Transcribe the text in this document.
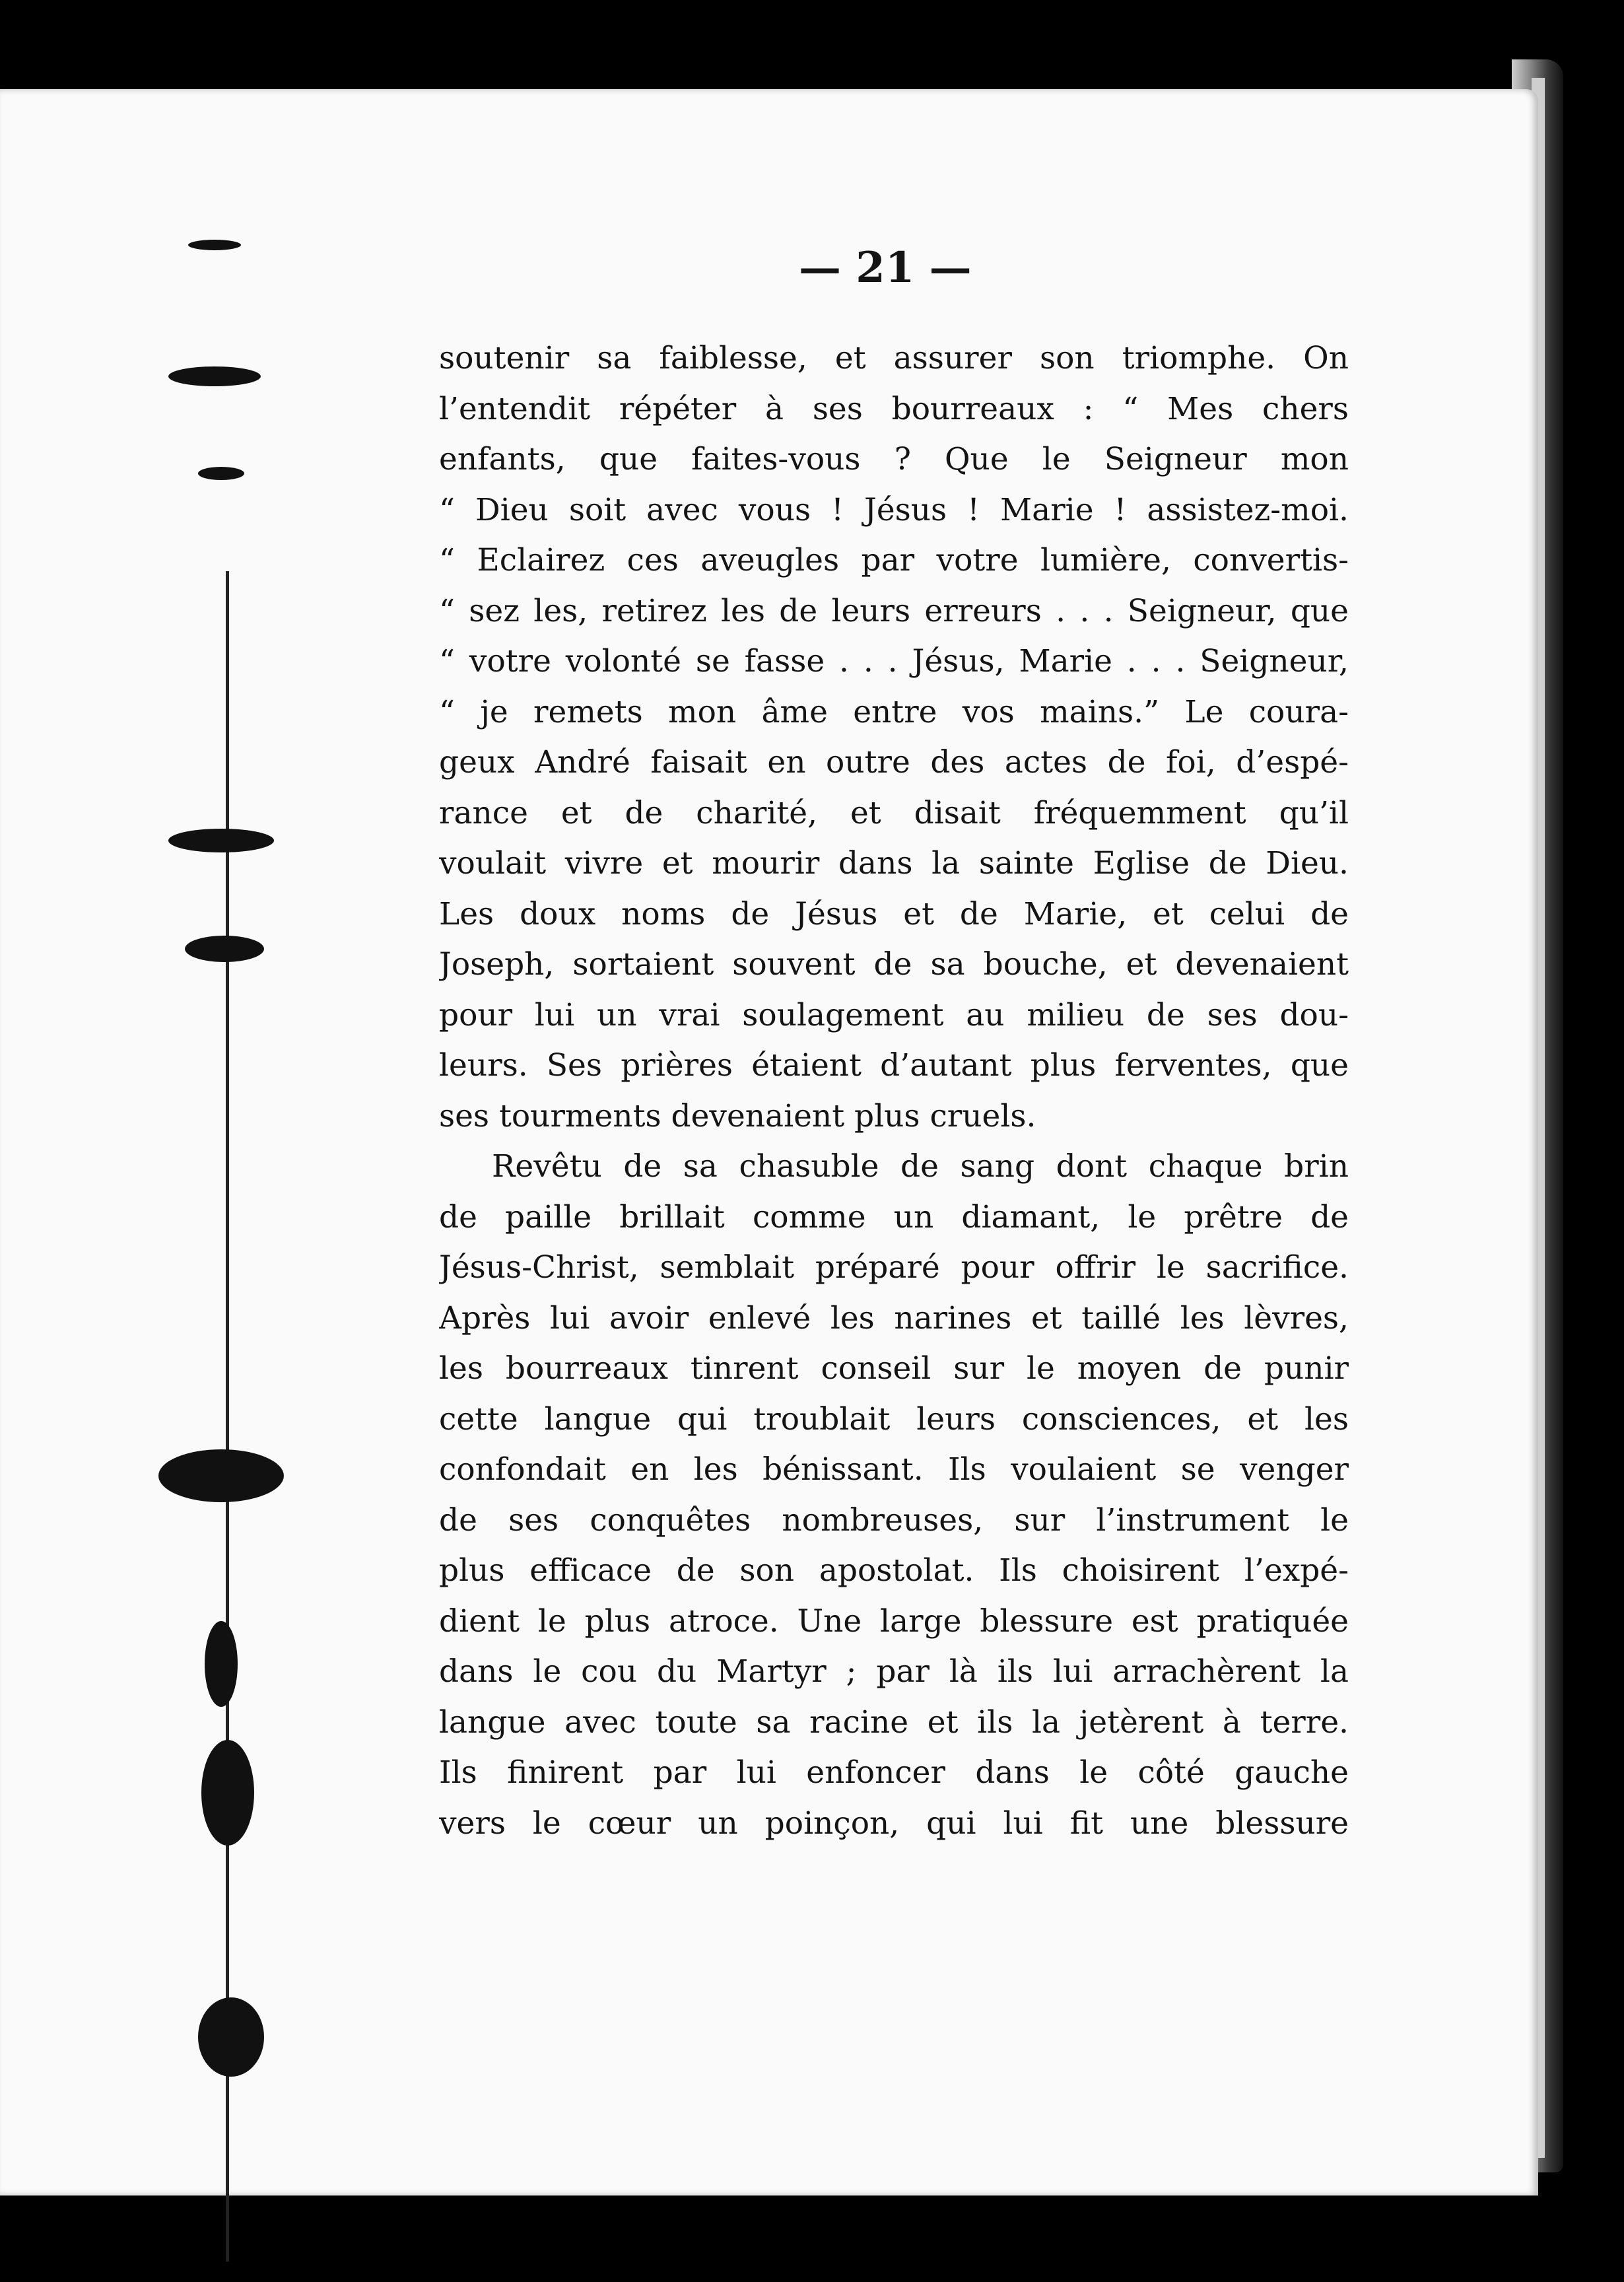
— 21 —
soutenir sa faiblesse, et assurer son triomphe. On
l’entendit répéter à ses bourreaux : “ Mes chers
enfants, que faites-vous ? Que le Seigneur mon
“ Dieu soit avec vous ! Jésus ! Marie ! assistez-moi.
“ Eclairez ces aveugles par votre lumière, convertis-
“ sez les, retirez les de leurs erreurs . . . Seigneur, que
“ votre volonté se fasse . . . Jésus, Marie . . . Seigneur,
“ je remets mon âme entre vos mains.” Le coura-
geux André faisait en outre des actes de foi, d’espé-
rance et de charité, et disait fréquemment qu’il
voulait vivre et mourir dans la sainte Eglise de Dieu.
Les doux noms de Jésus et de Marie, et celui de
Joseph, sortaient souvent de sa bouche, et devenaient
pour lui un vrai soulagement au milieu de ses dou-
leurs. Ses prières étaient d’autant plus ferventes, que
ses tourments devenaient plus cruels.
Revêtu de sa chasuble de sang dont chaque brin
de paille brillait comme un diamant, le prêtre de
Jésus-Christ, semblait préparé pour offrir le sacrifice.
Après lui avoir enlevé les narines et taillé les lèvres,
les bourreaux tinrent conseil sur le moyen de punir
cette langue qui troublait leurs consciences, et les
confondait en les bénissant. Ils voulaient se venger
de ses conquêtes nombreuses, sur l’instrument le
plus efficace de son apostolat. Ils choisirent l’expé-
dient le plus atroce. Une large blessure est pratiquée
dans le cou du Martyr ; par là ils lui arrachèrent la
langue avec toute sa racine et ils la jetèrent à terre.
Ils finirent par lui enfoncer dans le côté gauche
vers le cœur un poinçon, qui lui fit une blessure
